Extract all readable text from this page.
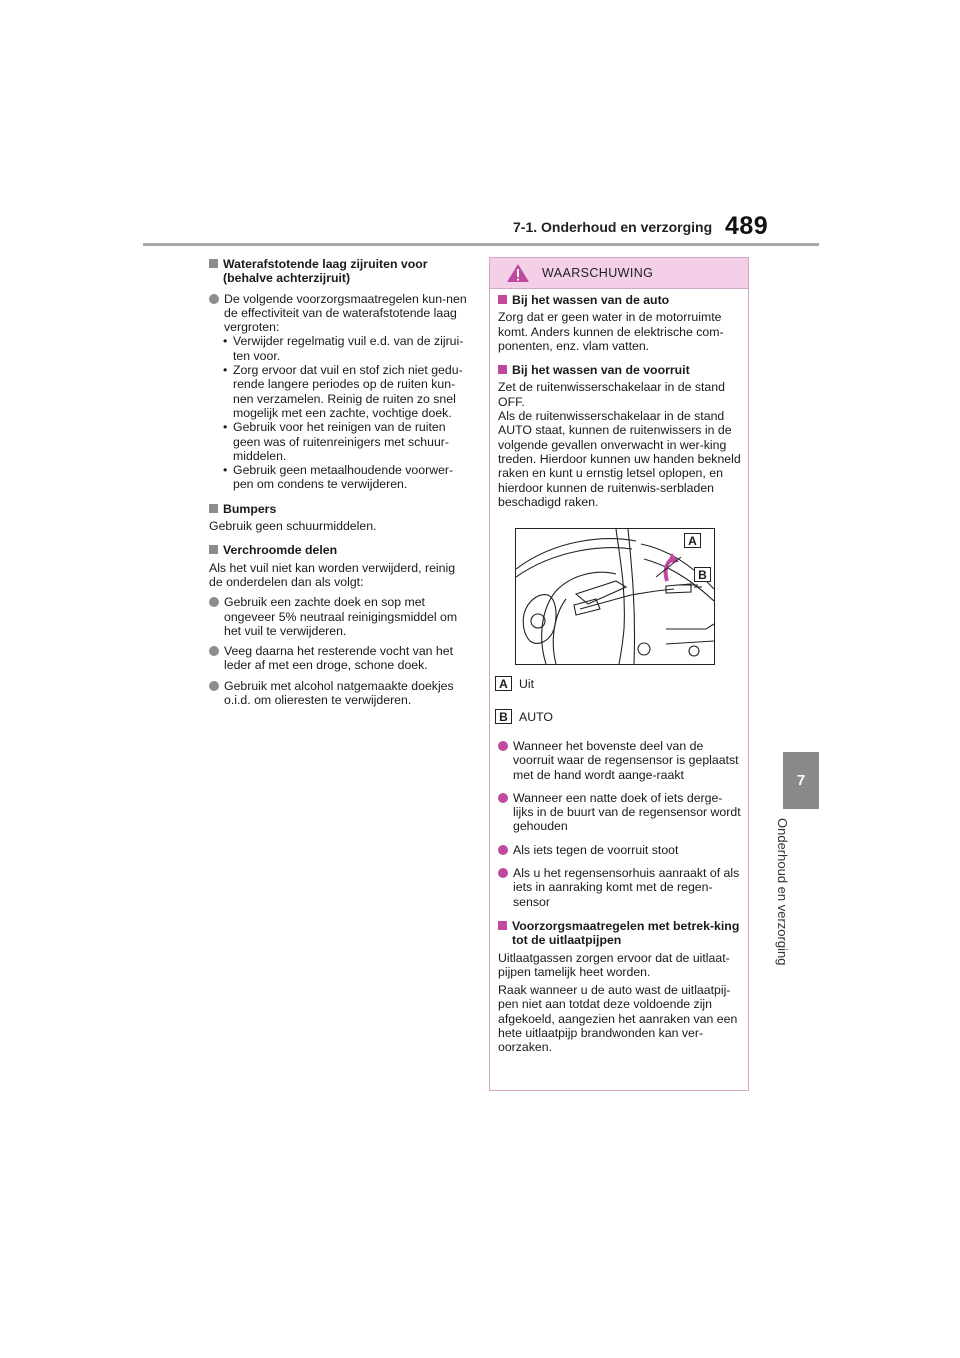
7-1. Onderhoud en verzorging 489
7
Onderhoud en verzorging
Waterafstotende laag zijruiten voor (behalve achterzijruit)
De volgende voorzorgsmaatregelen kun-nen de effectiviteit van de waterafstotende laag vergroten:
• Verwijder regelmatig vuil e.d. van de zijrui-ten voor.
• Zorg ervoor dat vuil en stof zich niet gedu-rende langere periodes op de ruiten kun-nen verzamelen. Reinig de ruiten zo snel mogelijk met een zachte, vochtige doek.
• Gebruik voor het reinigen van de ruiten geen was of ruitenreinigers met schuur-middelen.
• Gebruik geen metaalhoudende voorwer-pen om condens te verwijderen.
Bumpers

Gebruik geen schuurmiddelen.

Verchroomde delen

Als het vuil niet kan worden verwijderd, reinig de onderdelen dan als volgt:

Gebruik een zachte doek en sop met ongeveer 5% neutraal reinigingsmiddel om het vuil te verwijderen.
Veeg daarna het resterende vocht van het leder af met een droge, schone doek.
Gebruik met alcohol natgemaakte doekjes o.i.d. om olieresten te verwijderen.
WAARSCHUWING
Bij het wassen van de auto

Zorg dat er geen water in de motorruimte komt. Anders kunnen de elektrische com-ponenten, enz. vlam vatten.

Bij het wassen van de voorruit

Zet de ruitenwisserschakelaar in de stand OFF.

Als de ruitenwisserschakelaar in de stand AUTO staat, kunnen de ruitenwissers in de volgende gevallen onverwacht in wer-king treden. Hierdoor kunnen uw handen bekneld raken en kunt u ernstig letsel oplopen, en hierdoor kunnen de ruitenwis-serbladen beschadigd raken.

A
B
A Uit
B AUTO
Wanneer het bovenste deel van de voorruit waar de regensensor is geplaatst met de hand wordt aange-raakt
Wanneer een natte doek of iets derge-lijks in de buurt van de regensensor wordt gehouden
Als iets tegen de voorruit stoot
Als u het regensensorhuis aanraakt of als iets in aanraking komt met de regen-sensor
Voorzorgsmaatregelen met betrek-king tot de uitlaatpijpen

Uitlaatgassen zorgen ervoor dat de uitlaat-pijpen tamelijk heet worden.

Raak wanneer u de auto wast de uitlaatpij-pen niet aan totdat deze voldoende zijn afgekoeld, aangezien het aanraken van een hete uitlaatpijp brandwonden kan ver-oorzaken.
